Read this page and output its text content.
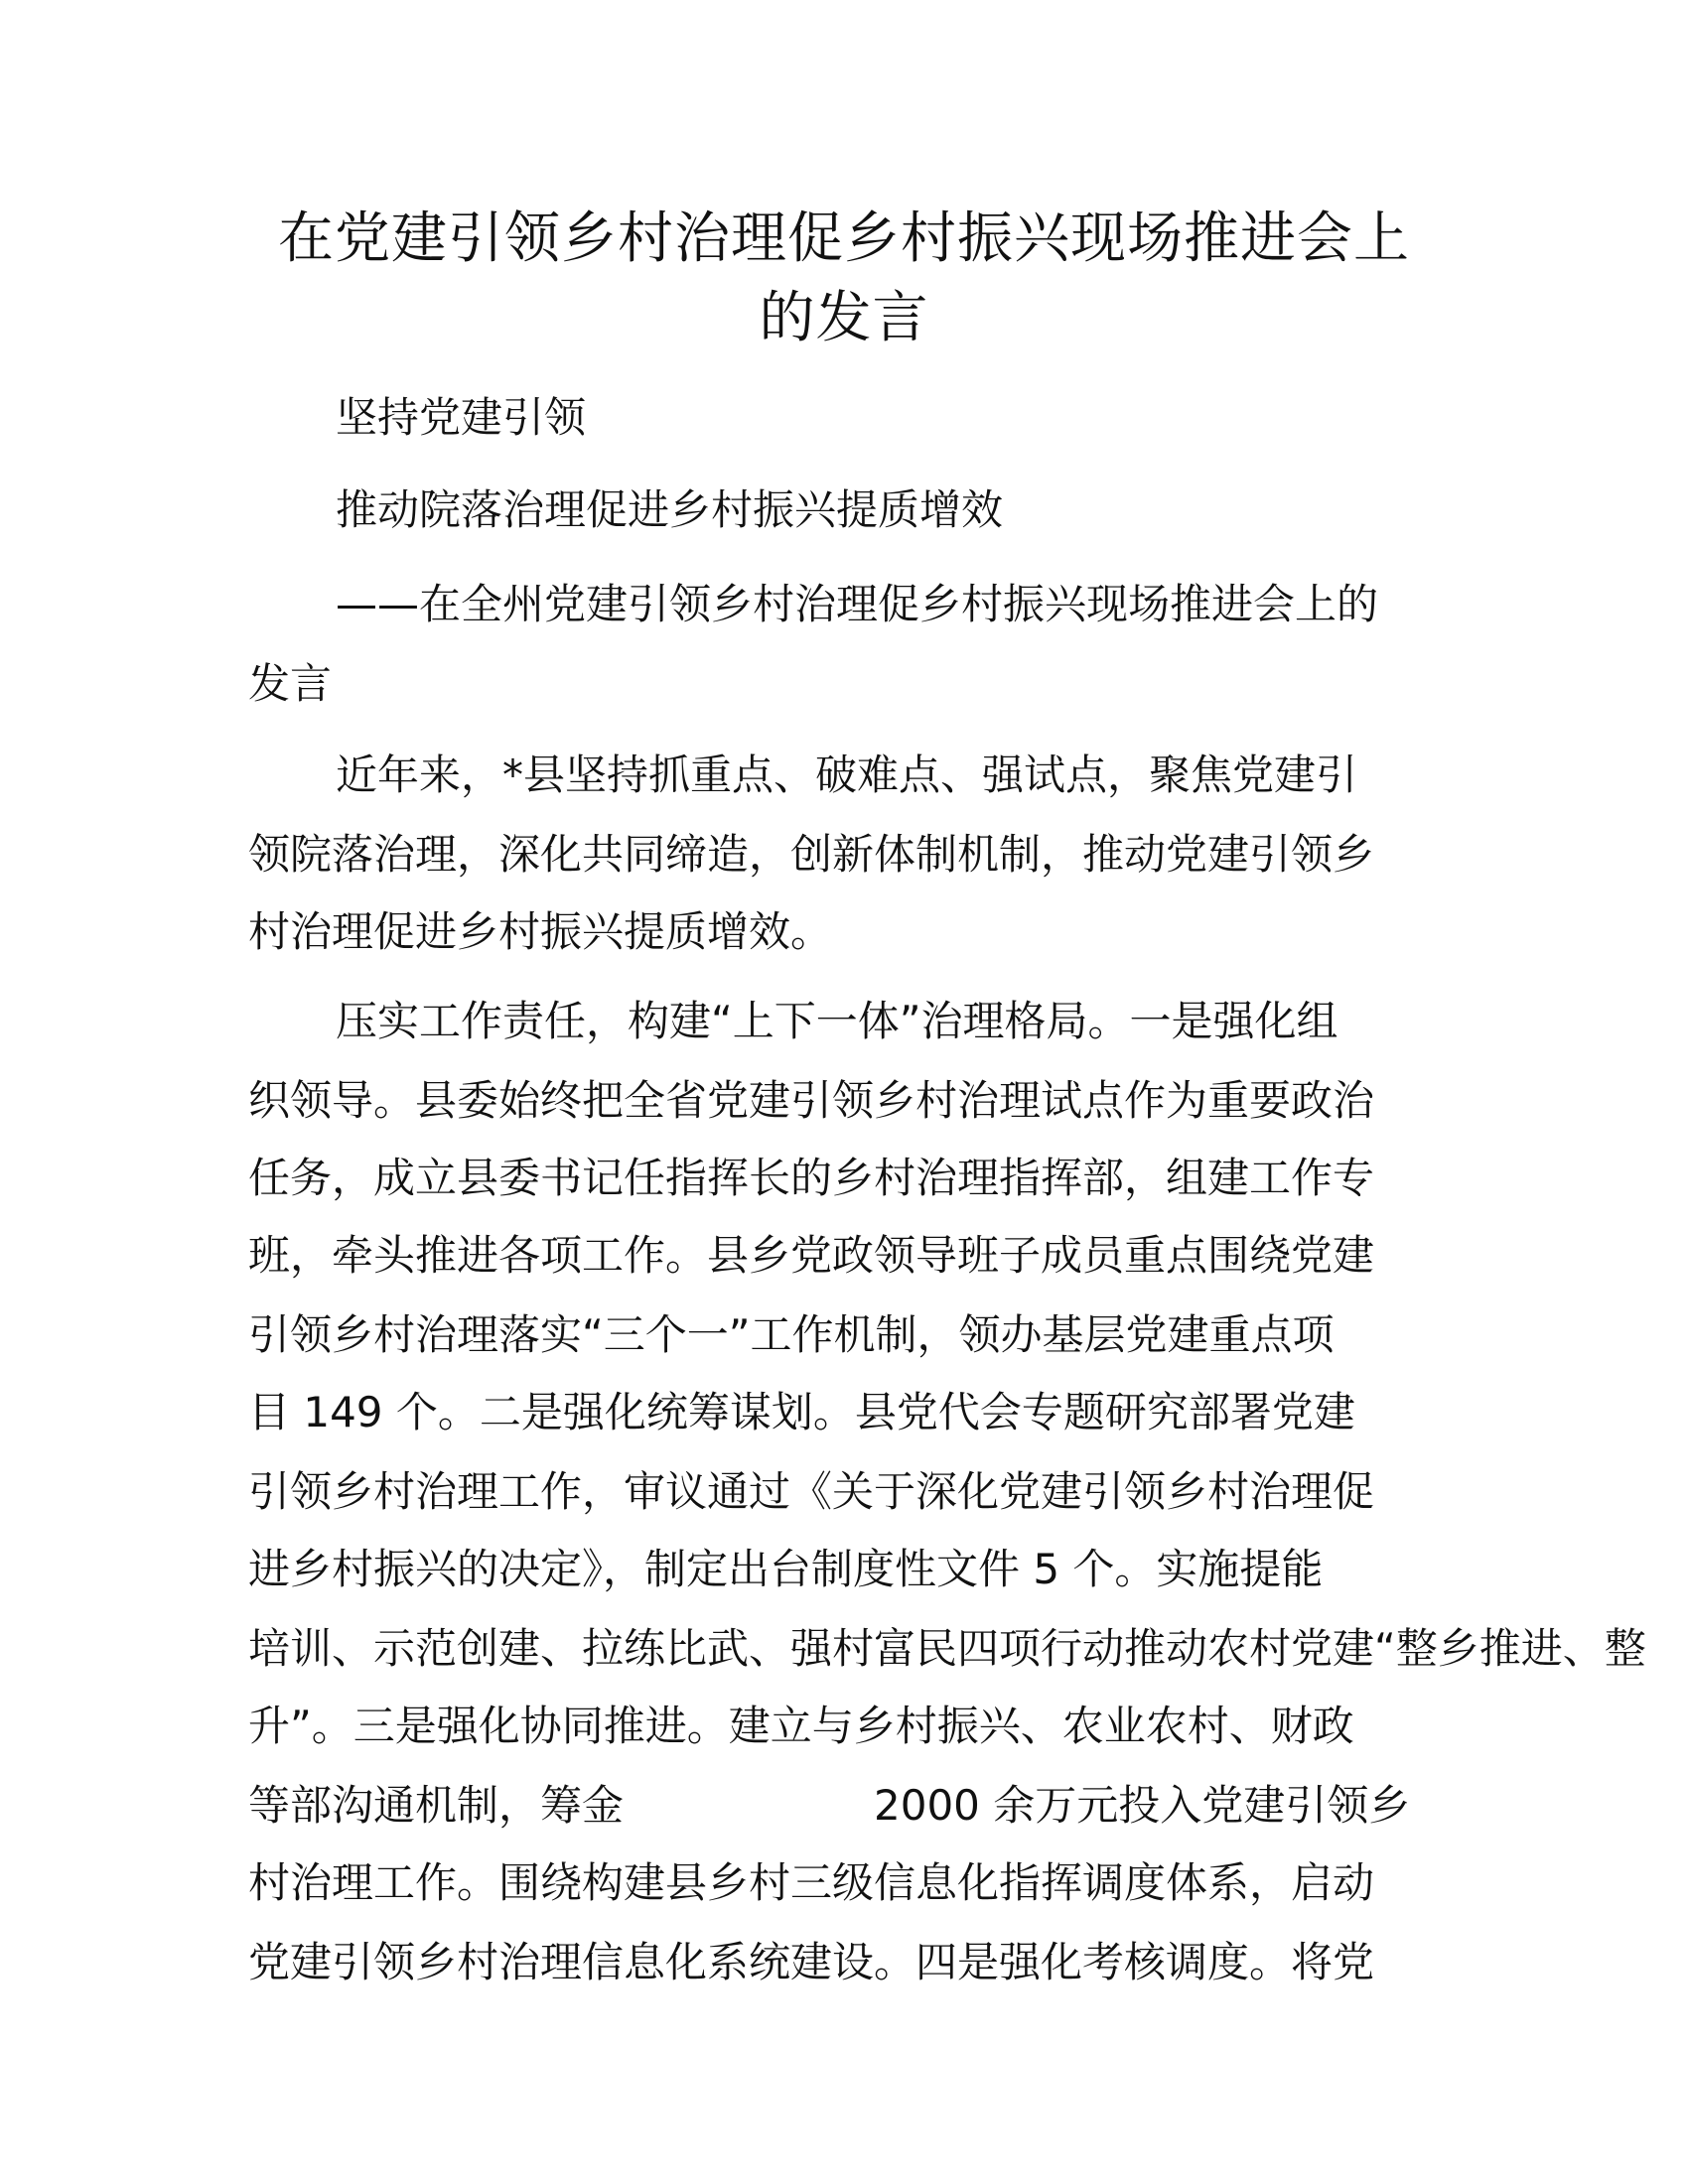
在党建引领乡村治理促乡村振兴现场推进会上
的发言
坚持党建引领
推动院落治理促进乡村振兴提质增效
——在全州党建引领乡村治理促乡村振兴现场推进会上的
发言
近年来，*县坚持抓重点、破难点、强试点，聚焦党建引
领院落治理，深化共同缔造，创新体制机制，推动党建引领乡
村治理促进乡村振兴提质增效。
压实工作责任，构建“上下一体”治理格局。一是强化组
织领导。县委始终把全省党建引领乡村治理试点作为重要政治
任务，成立县委书记任指挥长的乡村治理指挥部，组建工作专
班，牵头推进各项工作。县乡党政领导班子成员重点围绕党建
引领乡村治理落实“三个一”工作机制，领办基层党建重点项
目 149 个。二是强化统筹谋划。县党代会专题研究部署党建
引领乡村治理工作，审议通过《关于深化党建引领乡村治理促
进乡村振兴的决定》，制定出台制度性文件 5 个。实施提能
培训、示范创建、拉练比武、强村富民四项行动推动农村党建“整乡推进、整
升”。三是强化协同推进。建立与乡村振兴、农业农村、财政
等部沟通机制，筹金	2000 余万元投入党建引领乡
村治理工作。围绕构建县乡村三级信息化指挥调度体系，启动
党建引领乡村治理信息化系统建设。四是强化考核调度。将党
